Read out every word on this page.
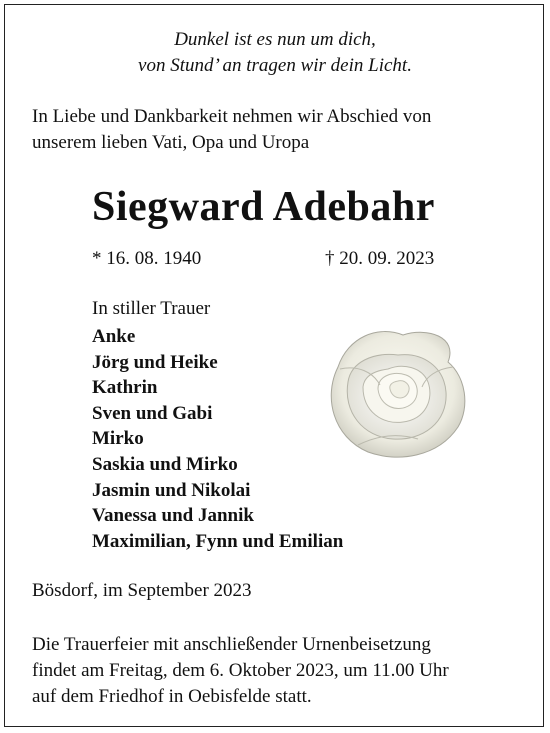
Dunkel ist es nun um dich,
von Stund’ an tragen wir dein Licht.
In Liebe und Dankbarkeit nehmen wir Abschied von
unserem lieben Vati, Opa und Uropa
Siegward Adebahr
* 16. 08. 1940	† 20. 09. 2023
In stiller Trauer
Anke
Jörg und Heike
Kathrin
Sven und Gabi
Mirko
Saskia und Mirko
Jasmin und Nikolai
Vanessa und Jannik
Maximilian, Fynn und Emilian
Bösdorf, im September 2023
Die Trauerfeier mit anschließender Urnenbeisetzung
findet am Freitag, dem 6. Oktober 2023, um 11.00 Uhr
auf dem Friedhof in Oebisfelde statt.
